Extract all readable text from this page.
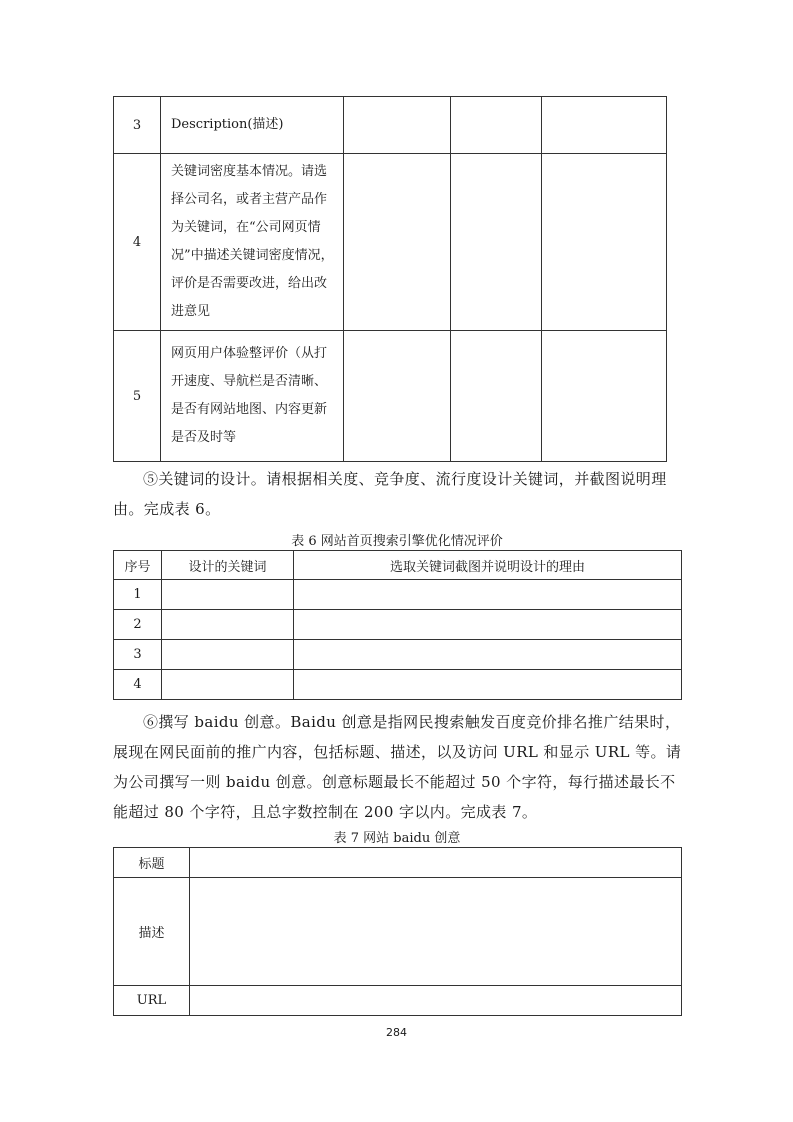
3	Description(描述)			
4	关键词密度基本情况。请选择公司名，或者主营产品作为关键词，在“公司网页情况”中描述关键词密度情况，评价是否需要改进，给出改进意见			
5	网页用户体验整评价（从打开速度、导航栏是否清晰、是否有网站地图、内容更新是否及时等			
⑤关键词的设计。请根据相关度、竞争度、流行度设计关键词，并截图说明理由。完成表 6。
表 6 网站首页搜索引擎优化情况评价
序号	设计的关键词	选取关键词截图并说明设计的理由
1		
2		
3		
4		
⑥撰写 baidu 创意。Baidu 创意是指网民搜索触发百度竞价排名推广结果时，展现在网民面前的推广内容，包括标题、描述，以及访问 URL 和显示 URL 等。请为公司撰写一则 baidu 创意。创意标题最长不能超过 50 个字符，每行描述最长不能超过 80 个字符，且总字数控制在 200 字以内。完成表 7。
表 7 网站 baidu 创意
标题	
描述	
URL	
284
